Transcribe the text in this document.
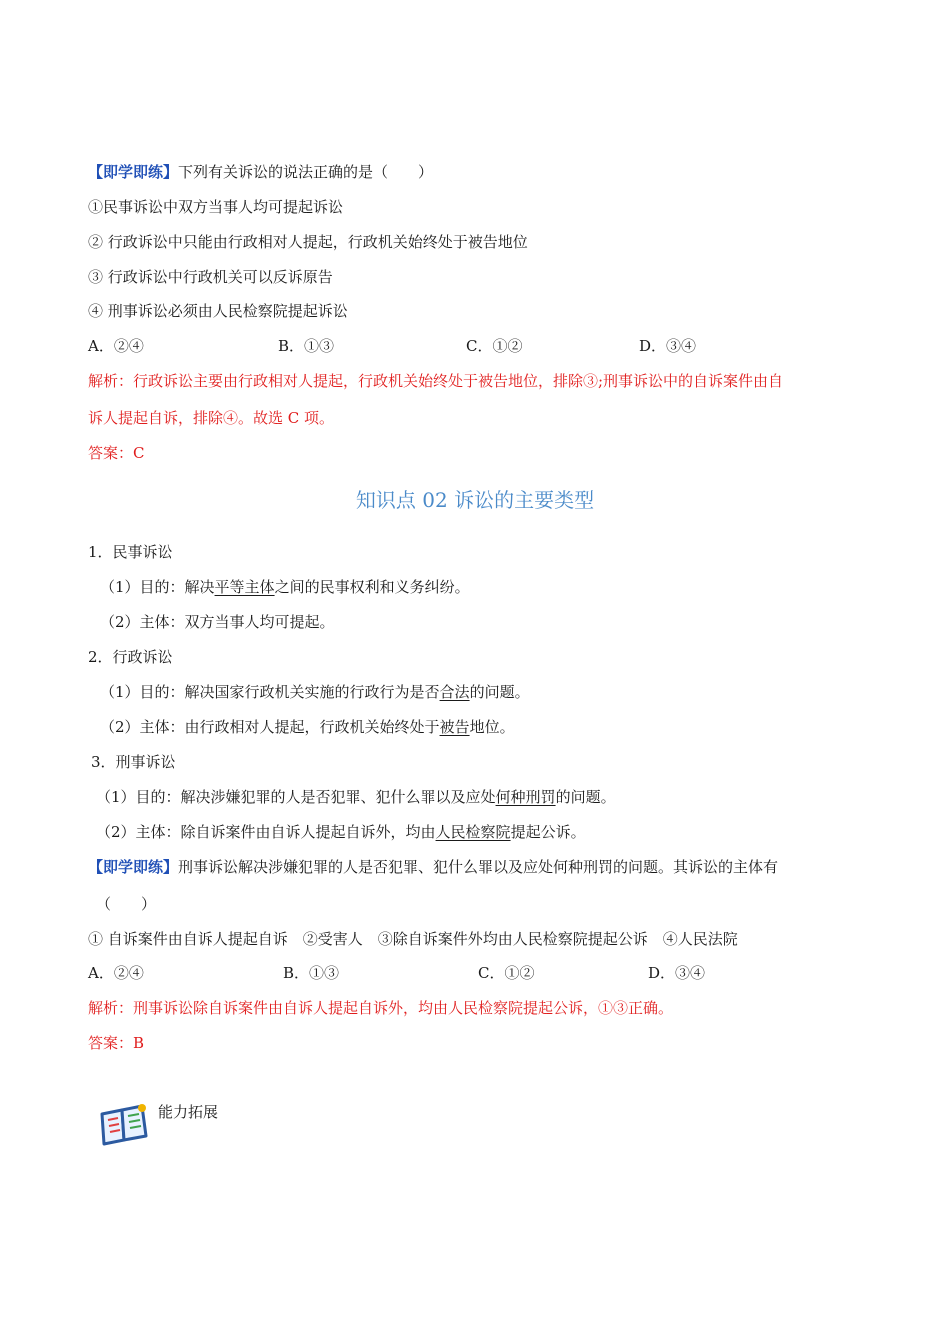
【即学即练】下列有关诉讼的说法正确的是（　　）
①民事诉讼中双方当事人均可提起诉讼
② 行政诉讼中只能由行政相对人提起，行政机关始终处于被告地位
③ 行政诉讼中行政机关可以反诉原告
④ 刑事诉讼必须由人民检察院提起诉讼
A．②④	B．①③	C．①②	D．③④
解析：行政诉讼主要由行政相对人提起，行政机关始终处于被告地位，排除③;刑事诉讼中的自诉案件由自
诉人提起自诉，排除④。故选 C 项。
答案：C
知识点 02 诉讼的主要类型
1．民事诉讼
（1）目的：解决平等主体之间的民事权利和义务纠纷。
（2）主体：双方当事人均可提起。
2．行政诉讼
（1）目的：解决国家行政机关实施的行政行为是否合法的问题。
（2）主体：由行政相对人提起，行政机关始终处于被告地位。
3．刑事诉讼
（1）目的：解决涉嫌犯罪的人是否犯罪、犯什么罪以及应处何种刑罚的问题。
（2）主体：除自诉案件由自诉人提起自诉外，均由人民检察院提起公诉。
【即学即练】刑事诉讼解决涉嫌犯罪的人是否犯罪、犯什么罪以及应处何种刑罚的问题。其诉讼的主体有
（　　）
① 自诉案件由自诉人提起自诉　②受害人　③除自诉案件外均由人民检察院提起公诉　④人民法院
A．②④	B．①③	C．①②	D．③④
解析：刑事诉讼除自诉案件由自诉人提起自诉外，均由人民检察院提起公诉，①③正确。
答案：B
能力拓展
